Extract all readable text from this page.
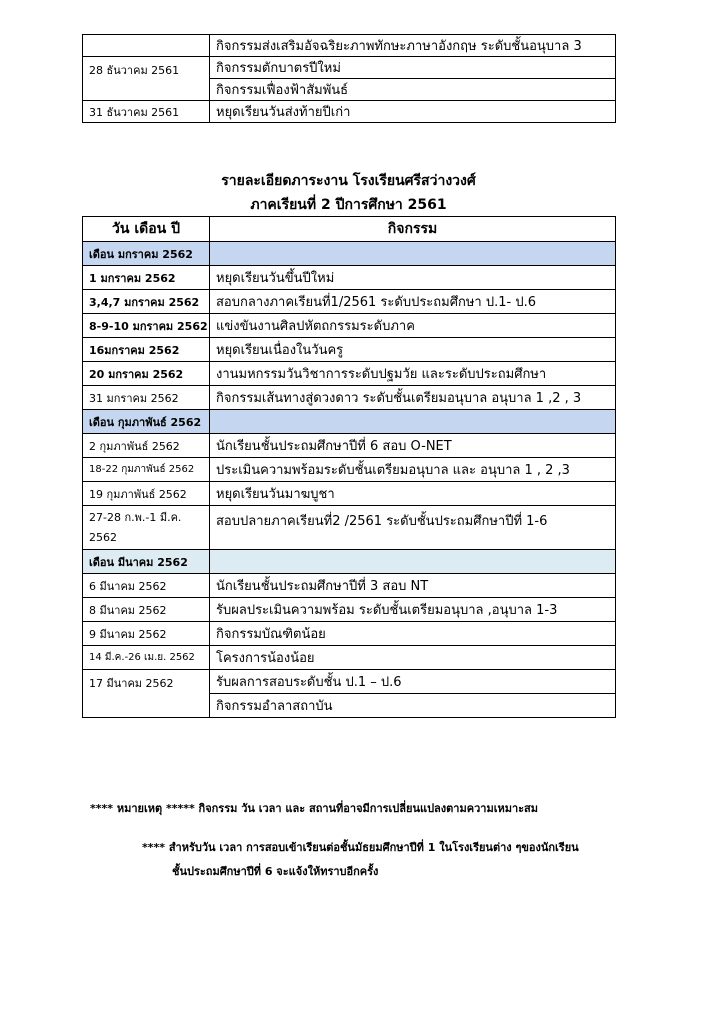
	กิจกรรมส่งเสริมอัจฉริยะภาพทักษะภาษาอังกฤษ ระดับชั้นอนุบาล 3
28 ธันวาคม 2561	กิจกรรมตักบาตรปีใหม่
	กิจกรรมเฟื่องฟ้าสัมพันธ์
31 ธันวาคม 2561	หยุดเรียนวันส่งท้ายปีเก่า
รายละเอียดภาระงาน โรงเรียนศรีสว่างวงศ์
ภาคเรียนที่ 2 ปีการศึกษา 2561
วัน เดือน ปี	กิจกรรม
เดือน มกราคม 2562	
1 มกราคม 2562	หยุดเรียนวันขึ้นปีใหม่
3,4,7 มกราคม 2562	สอบกลางภาคเรียนที่1/2561 ระดับประถมศึกษา ป.1- ป.6
8-9-10 มกราคม 2562	แข่งขันงานศิลปหัตถกรรมระดับภาค
16มกราคม 2562	หยุดเรียนเนื่องในวันครู
20 มกราคม 2562	งานมหกรรมวันวิชาการระดับปฐมวัย และระดับประถมศึกษา
31 มกราคม 2562	กิจกรรมเส้นทางสู่ดวงดาว ระดับชั้นเตรียมอนุบาล อนุบาล 1 ,2 , 3
เดือน กุมภาพันธ์ 2562	
2 กุมภาพันธ์ 2562	นักเรียนชั้นประถมศึกษาปีที่ 6 สอบ O-NET
18-22 กุมภาพันธ์ 2562	ประเมินความพร้อมระดับชั้นเตรียมอนุบาล และ อนุบาล 1 , 2 ,3
19 กุมภาพันธ์ 2562	หยุดเรียนวันมาฆบูชา
27-28 ก.พ.-1 มี.ค. 2562	สอบปลายภาคเรียนที่2 /2561 ระดับชั้นประถมศึกษาปีที่ 1-6
เดือน มีนาคม 2562	
6 มีนาคม 2562	นักเรียนชั้นประถมศึกษาปีที่ 3 สอบ NT
8 มีนาคม 2562	รับผลประเมินความพร้อม ระดับชั้นเตรียมอนุบาล ,อนุบาล 1-3
9 มีนาคม 2562	กิจกรรมบัณฑิตน้อย
14 มี.ค.-26 เม.ย. 2562	โครงการน้องน้อย
17 มีนาคม 2562	รับผลการสอบระดับชั้น ป.1 – ป.6
	กิจกรรมอำลาสถาบัน
**** หมายเหตุ ***** กิจกรรม วัน เวลา และ สถานที่อาจมีการเปลี่ยนแปลงตามความเหมาะสม
**** สำหรับวัน เวลา การสอบเข้าเรียนต่อชั้นมัธยมศึกษาปีที่ 1 ในโรงเรียนต่าง ๆของนักเรียน
ชั้นประถมศึกษาปีที่ 6 จะแจ้งให้ทราบอีกครั้ง
